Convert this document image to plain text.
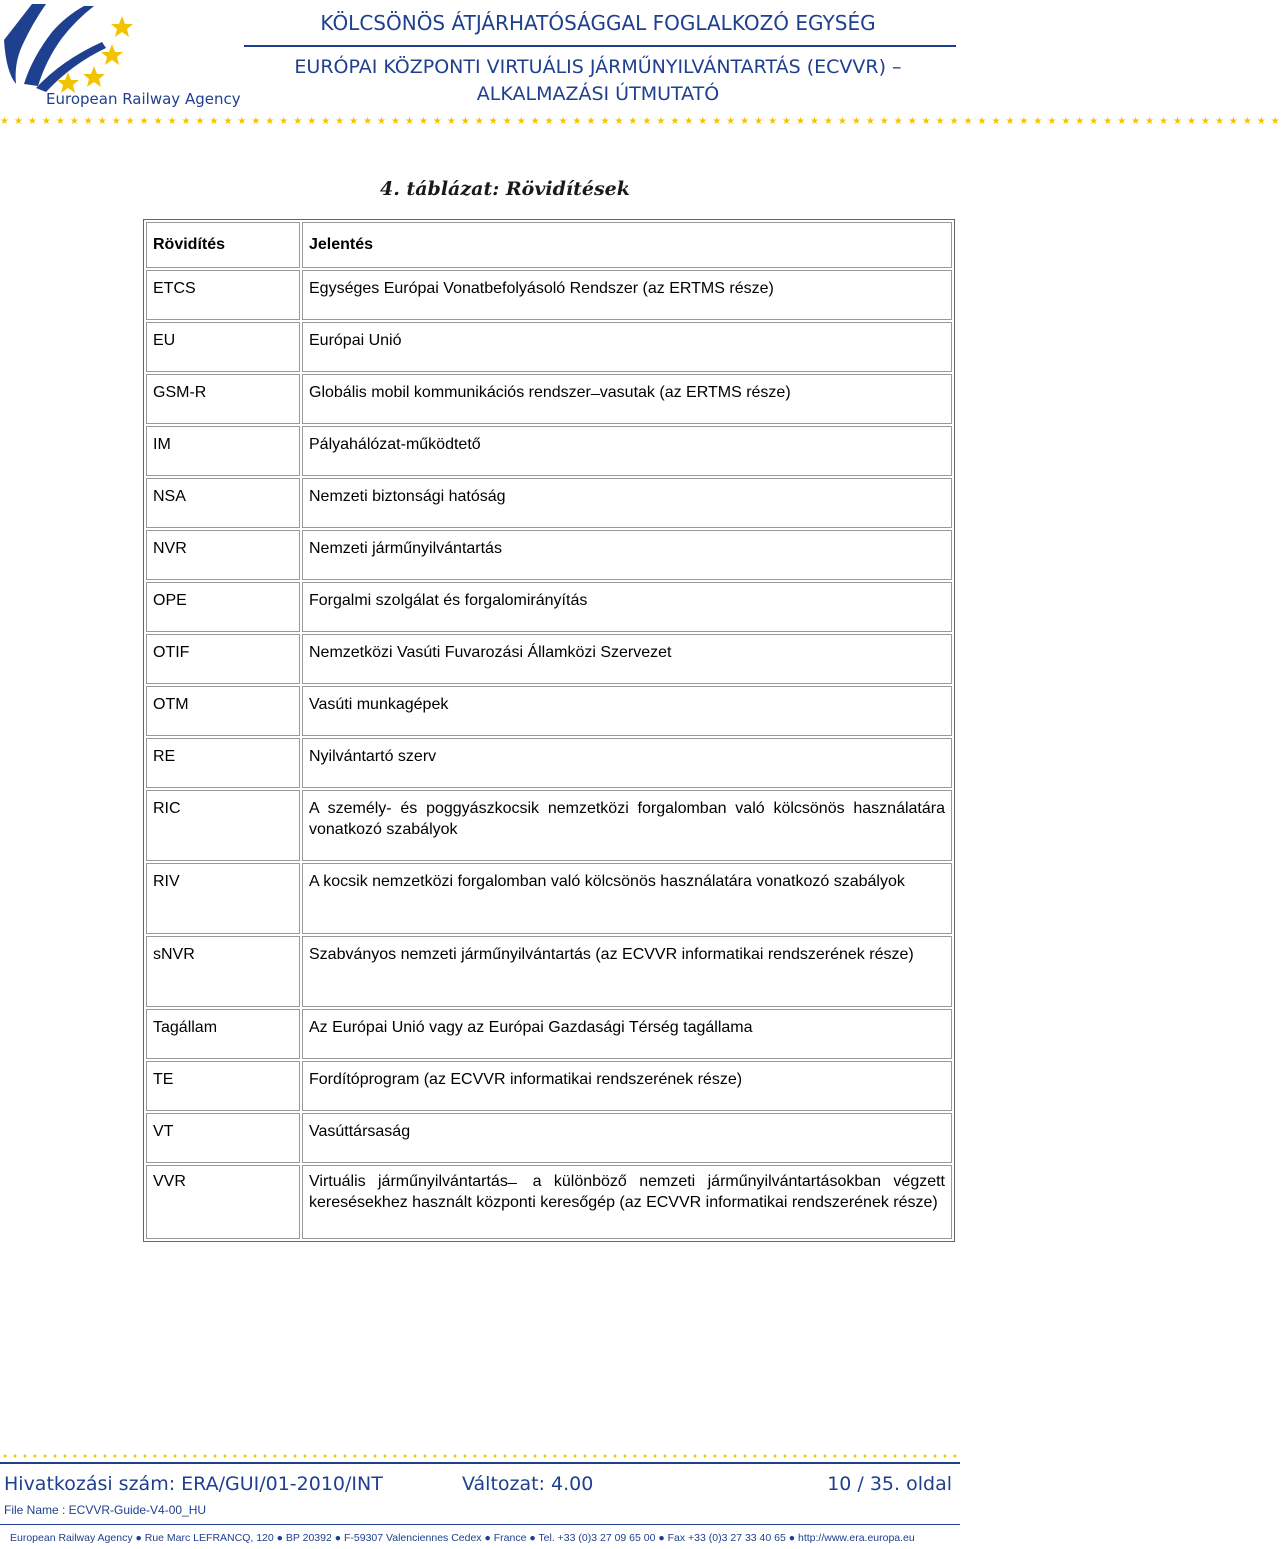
European Railway Agency
KÖLCSÖNÖS ÁTJÁRHATÓSÁGGAL FOGLALKOZÓ EGYSÉG
EURÓPAI KÖZPONTI VIRTUÁLIS JÁRMŰNYILVÁNTARTÁS (ECVVR) –
ALKALMAZÁSI ÚTMUTATÓ
★★★★★★★★★★★★★★★★★★★★★★★★★★★★★★★★★★★★★★★★★★★★★★★★★★★★★★★★★★★★★★★★★★★★★★★★★★★★★★★★★★★★★★★★★★★★
4. táblázat: Rövidítések
Rövidítés	Jelentés
ETCS	Egységes Európai Vonatbefolyásoló Rendszer (az ERTMS része)
EU	Európai Unió
GSM-R	Globális mobil kommunikációs rendszer ̶ vasutak (az ERTMS része)
IM	Pályahálózat-működtető
NSA	Nemzeti biztonsági hatóság
NVR	Nemzeti járműnyilvántartás
OPE	Forgalmi szolgálat és forgalomirányítás
OTIF	Nemzetközi Vasúti Fuvarozási Államközi Szervezet
OTM	Vasúti munkagépek
RE	Nyilvántartó szerv
RIC	A személy- és poggyászkocsik nemzetközi forgalomban való kölcsönös használatára vonatkozó szabályok
RIV	A kocsik nemzetközi forgalomban való kölcsönös használatára vonatkozó szabályok
sNVR	Szabványos nemzeti járműnyilvántartás (az ECVVR informatikai rendszerének része)
Tagállam	Az Európai Unió vagy az Európai Gazdasági Térség tagállama
TE	Fordítóprogram (az ECVVR informatikai rendszerének része)
VT	Vasúttársaság
VVR	Virtuális járműnyilvántartás ̶ a különböző nemzeti járműnyilvántartásokban végzett keresésekhez használt központi keresőgép (az ECVVR informatikai rendszerének része)
Hivatkozási szám: ERA/GUI/01-2010/INT	Változat: 4.00	10 / 35. oldal
File Name : ECVVR-Guide-V4-00_HU
European Railway Agency ● Rue Marc LEFRANCQ, 120 ● BP 20392 ● F-59307 Valenciennes Cedex ● France ● Tel. +33 (0)3 27 09 65 00 ● Fax +33 (0)3 27 33 40 65 ● http://www.era.europa.eu
